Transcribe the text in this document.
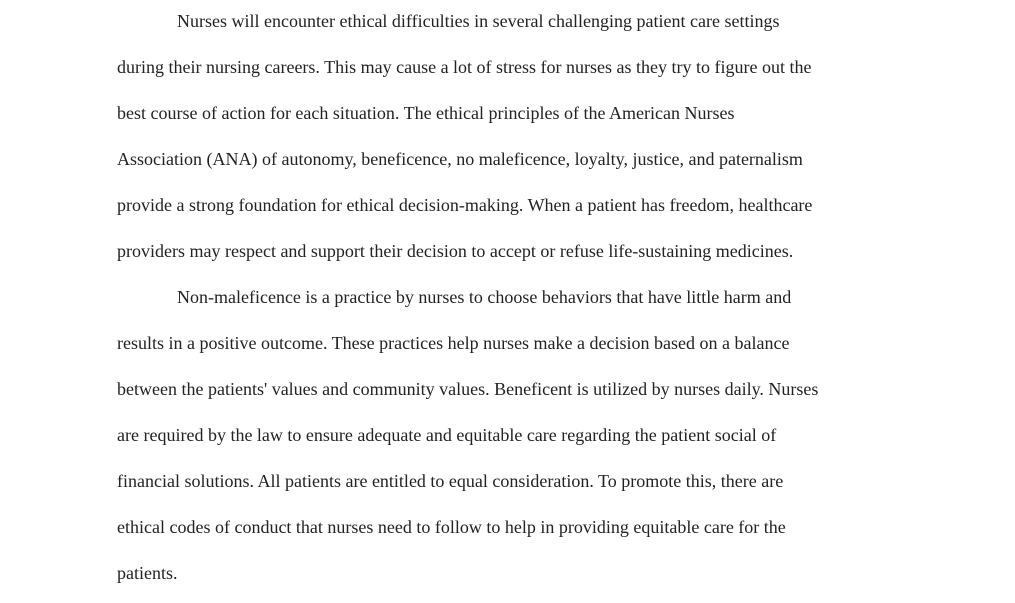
Nurses will encounter ethical difficulties in several challenging patient care settings
during their nursing careers. This may cause a lot of stress for nurses as they try to figure out the
best course of action for each situation. The ethical principles of the American Nurses
Association (ANA) of autonomy, beneficence, no maleficence, loyalty, justice, and paternalism
provide a strong foundation for ethical decision-making. When a patient has freedom, healthcare
providers may respect and support their decision to accept or refuse life-sustaining medicines.
Non-maleficence is a practice by nurses to choose behaviors that have little harm and
results in a positive outcome. These practices help nurses make a decision based on a balance
between the patients' values and community values. Beneficent is utilized by nurses daily. Nurses
are required by the law to ensure adequate and equitable care regarding the patient social of
financial solutions. All patients are entitled to equal consideration. To promote this, there are
ethical codes of conduct that nurses need to follow to help in providing equitable care for the
patients.
